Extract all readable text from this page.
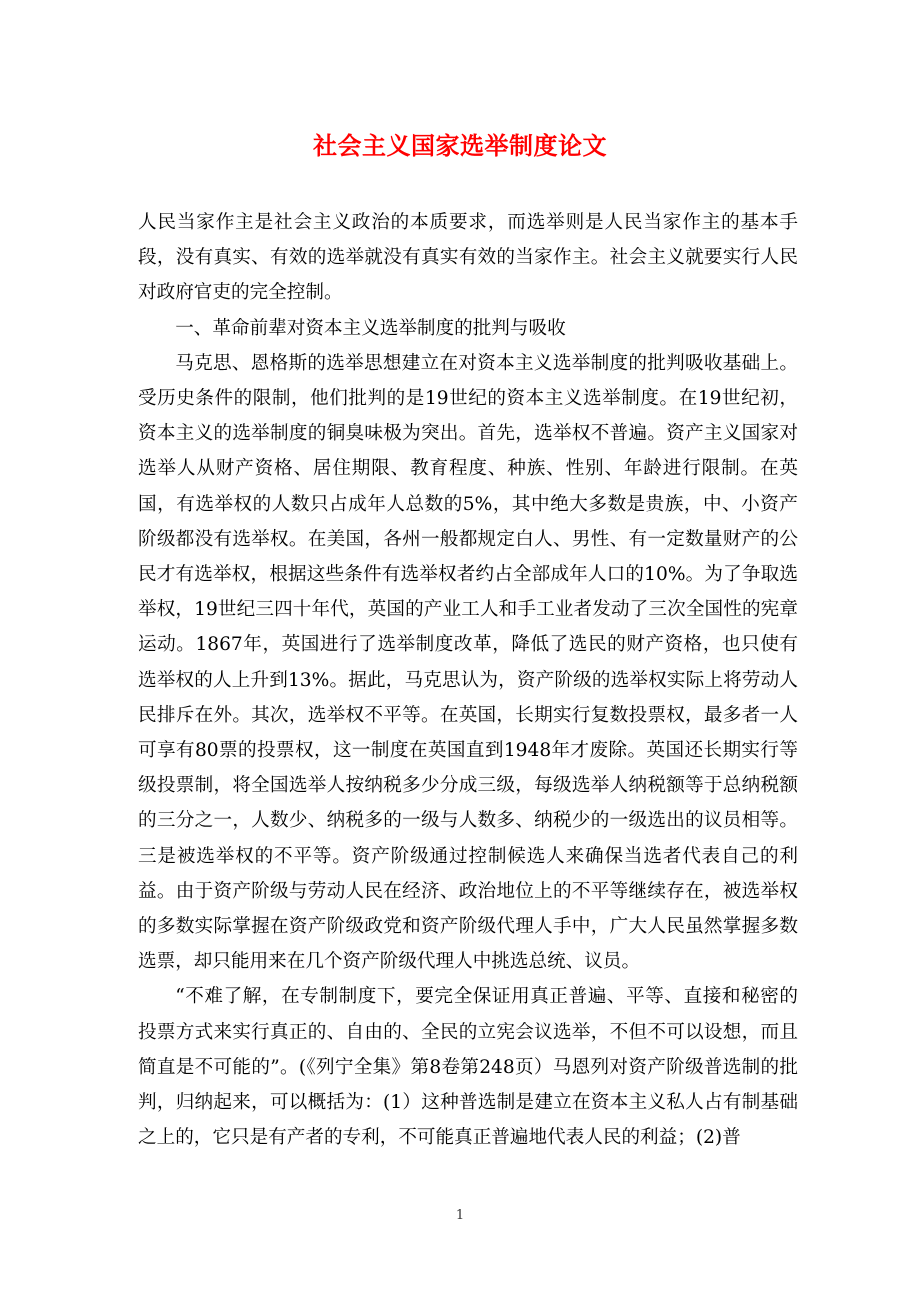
社会主义国家选举制度论文

人民当家作主是社会主义政治的本质要求，而选举则是人民当家作主的基本手段，没有真实、有效的选举就没有真实有效的当家作主。社会主义就要实行人民对政府官吏的完全控制。

一、革命前辈对资本主义选举制度的批判与吸收

马克思、恩格斯的选举思想建立在对资本主义选举制度的批判吸收基础上。受历史条件的限制，他们批判的是19世纪的资本主义选举制度。在19世纪初，资本主义的选举制度的铜臭味极为突出。首先，选举权不普遍。资产主义国家对选举人从财产资格、居住期限、教育程度、种族、性别、年龄进行限制。在英国，有选举权的人数只占成年人总数的5%，其中绝大多数是贵族，中、小资产阶级都没有选举权。在美国，各州一般都规定白人、男性、有一定数量财产的公民才有选举权，根据这些条件有选举权者约占全部成年人口的10%。为了争取选举权，19世纪三四十年代，英国的产业工人和手工业者发动了三次全国性的宪章运动。1867年，英国进行了选举制度改革，降低了选民的财产资格，也只使有选举权的人上升到13%。据此，马克思认为，资产阶级的选举权实际上将劳动人民排斥在外。其次，选举权不平等。在英国，长期实行复数投票权，最多者一人可享有80票的投票权，这一制度在英国直到1948年才废除。英国还长期实行等级投票制，将全国选举人按纳税多少分成三级，每级选举人纳税额等于总纳税额的三分之一，人数少、纳税多的一级与人数多、纳税少的一级选出的议员相等。三是被选举权的不平等。资产阶级通过控制候选人来确保当选者代表自己的利益。由于资产阶级与劳动人民在经济、政治地位上的不平等继续存在，被选举权的多数实际掌握在资产阶级政党和资产阶级代理人手中，广大人民虽然掌握多数选票，却只能用来在几个资产阶级代理人中挑选总统、议员。

“不难了解，在专制制度下，要完全保证用真正普遍、平等、直接和秘密的投票方式来实行真正的、自由的、全民的立宪会议选举，不但不可以设想，而且简直是不可能的”。(《列宁全集》第8卷第248页）马恩列对资产阶级普选制的批判，归纳起来，可以概括为：(1）这种普选制是建立在资本主义私人占有制基础之上的，它只是有产者的专利，不可能真正普遍地代表人民的利益；(2)普

1
